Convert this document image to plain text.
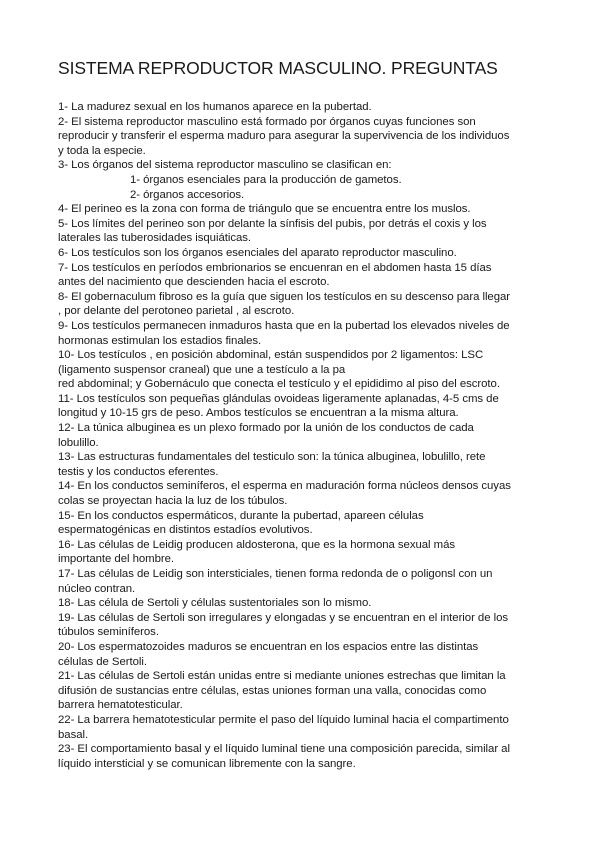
SISTEMA REPRODUCTOR MASCULINO. PREGUNTAS
1- La madurez sexual en los humanos aparece en la pubertad.
2- El sistema reproductor masculino está formado por órganos cuyas funciones son
reproducir y transferir el esperma maduro para asegurar la supervivencia de los individuos
y toda la especie.
3- Los órganos del sistema reproductor masculino se clasifican en:
1- órganos esenciales para la producción de gametos.
2- órganos accesorios.
4- El perineo es la zona con forma de triángulo que se encuentra entre los muslos.
5- Los límites del perineo son por delante la sínfisis del pubis, por detrás el coxis y los
laterales las tuberosidades isquiáticas.
6- Los testículos son los órganos esenciales del aparato reproductor masculino.
7- Los testículos en períodos embrionarios se encuenran en el abdomen hasta 15 días
antes del nacimiento que descienden hacia el escroto.
8- El gobernaculum fibroso es la guía que siguen los testículos en su descenso para llegar
, por delante del perotoneo parietal , al escroto.
9- Los testículos permanecen inmaduros hasta que en la pubertad los elevados niveles de
hormonas estimulan los estadios finales.
10- Los testículos , en posición abdominal, están suspendidos por 2 ligamentos: LSC
(ligamento suspensor craneal) que une a testículo a la pa
red abdominal; y Gobernáculo que conecta el testículo y el epididimo al piso del escroto.
11- Los testículos son pequeñas glándulas ovoideas ligeramente aplanadas, 4-5 cms de
longitud y 10-15 grs de peso. Ambos testículos se encuentran a la misma altura.
12- La túnica albuginea es un plexo formado por la unión de los conductos de cada
lobulillo.
13- Las estructuras fundamentales del testiculo son: la túnica albuginea, lobulillo, rete
testis y los conductos eferentes.
14- En los conductos seminíferos, el esperma en maduración forma núcleos densos cuyas
colas se proyectan hacia la luz de los túbulos.
15- En los conductos espermáticos, durante la pubertad, apareen células
espermatogénicas en distintos estadíos evolutivos.
16- Las células de Leidig producen aldosterona, que es la hormona sexual más
importante del hombre.
17- Las células de Leidig son intersticiales, tienen forma redonda de o poligonsl con un
núcleo contran.
18- Las célula de Sertoli y células sustentoriales son lo mismo.
19- Las células de Sertoli son irregulares y elongadas y se encuentran en el interior de los
túbulos seminíferos.
20- Los espermatozoides maduros se encuentran en los espacios entre las distintas
células de Sertoli.
21- Las células de Sertoli están unidas entre si mediante uniones estrechas que limitan la
difusión de sustancias entre células, estas uniones forman una valla, conocidas como
barrera hematotesticular.
22- La barrera hematotesticular permite el paso del líquido luminal hacia el compartimento
basal.
23- El comportamiento basal y el líquido luminal tiene una composición parecida, similar al
líquido intersticial y se comunican libremente con la sangre.
